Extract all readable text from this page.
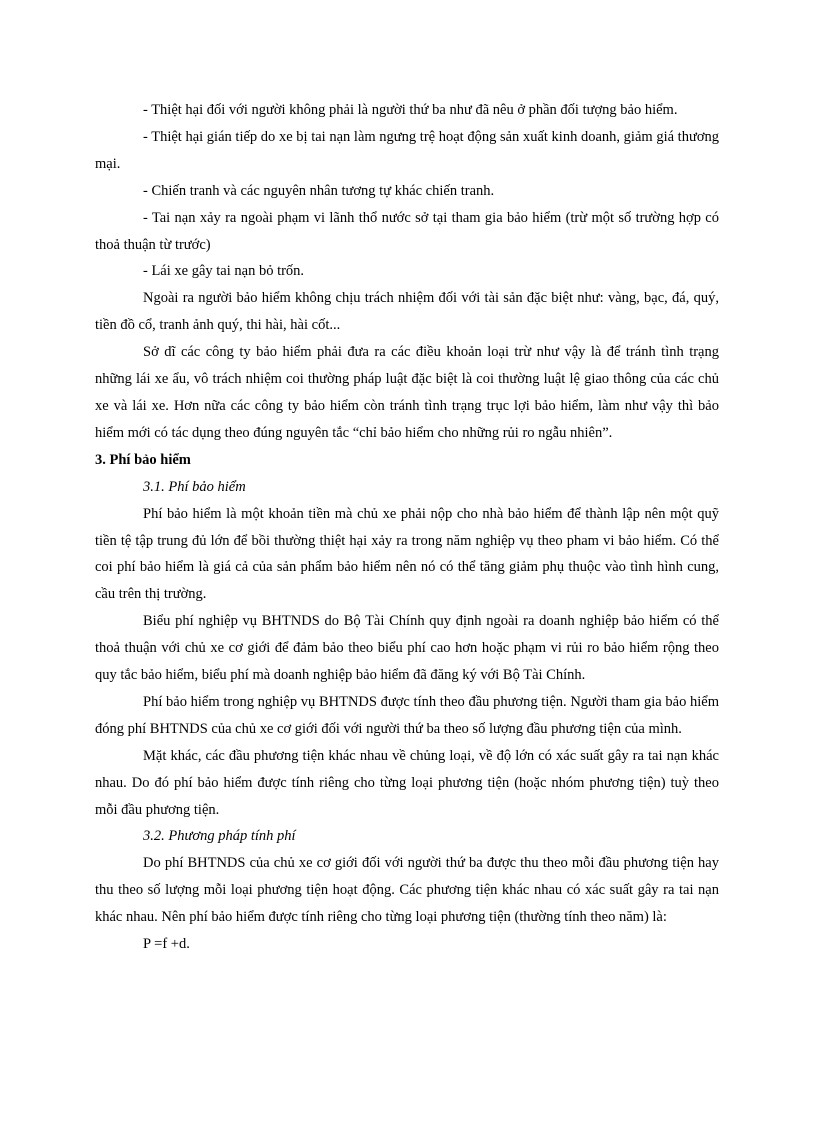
- Thiệt hại đối với người không phải là người thứ ba như đã nêu ở phần đối tượng bảo hiểm.

- Thiệt hại gián tiếp do xe bị tai nạn làm ngưng trệ hoạt động sản xuất kinh doanh, giảm giá thương mại.

- Chiến tranh và các nguyên nhân tương tự khác chiến tranh.

- Tai nạn xảy ra ngoài phạm vi lãnh thổ nước sở tại tham gia bảo hiểm (trừ một số trường hợp có thoả thuận từ trước)

- Lái xe gây tai nạn bỏ trốn.

Ngoài ra người bảo hiểm không chịu trách nhiệm đối với tài sản đặc biệt như: vàng, bạc, đá, quý, tiền đồ cổ, tranh ảnh quý, thi hài, hài cốt...

Sở dĩ các công ty bảo hiểm phải đưa ra các điều khoản loại trừ như vậy là để tránh tình trạng những lái xe ẩu, vô trách nhiệm coi thường pháp luật đặc biệt là coi thường luật lệ giao thông của các chủ xe và lái xe. Hơn nữa các công ty bảo hiểm còn tránh tình trạng trục lợi bảo hiểm, làm như vậy thì bảo hiểm mới có tác dụng theo đúng nguyên tắc “chỉ bảo hiểm cho những rủi ro ngẫu nhiên”.

3. Phí bảo hiểm

3.1. Phí bảo hiểm

Phí bảo hiểm là một khoản tiền mà chủ xe phải nộp cho nhà bảo hiểm để thành lập nên một quỹ tiền tệ tập trung đủ lớn để bồi thường thiệt hại xảy ra trong năm nghiệp vụ theo pham vi bảo hiểm. Có thể coi phí bảo hiểm là giá cả của sản phẩm bảo hiểm nên nó có thể tăng giảm phụ thuộc vào tình hình cung, cầu trên thị trường.

Biểu phí nghiệp vụ BHTNDS do Bộ Tài Chính quy định ngoài ra doanh nghiệp bảo hiểm có thể thoả thuận với chủ xe cơ giới để đảm bảo theo biểu phí cao hơn hoặc phạm vi rủi ro bảo hiểm rộng theo quy tắc bảo hiểm, biểu phí mà doanh nghiệp bảo hiểm đã đăng ký với Bộ Tài Chính.

Phí bảo hiểm trong nghiệp vụ BHTNDS được tính theo đầu phương tiện. Người tham gia bảo hiểm đóng phí BHTNDS của chủ xe cơ giới đối với người thứ ba theo số lượng đầu phương tiện của mình.

Mặt khác, các đầu phương tiện khác nhau về chủng loại, về độ lớn có xác suất gây ra tai nạn khác nhau. Do đó phí bảo hiểm được tính riêng cho từng loại phương tiện (hoặc nhóm phương tiện) tuỳ theo mỗi đầu phương tiện.

3.2. Phương pháp tính phí

Do phí BHTNDS của chủ xe cơ giới đối với người thứ ba được thu theo mỗi đầu phương tiện hay thu theo số lượng mỗi loại phương tiện hoạt động. Các phương tiện khác nhau có xác suất gây ra tai nạn khác nhau. Nên phí bảo hiểm được tính riêng cho từng loại phương tiện (thường tính theo năm) là:

P =f +d.
